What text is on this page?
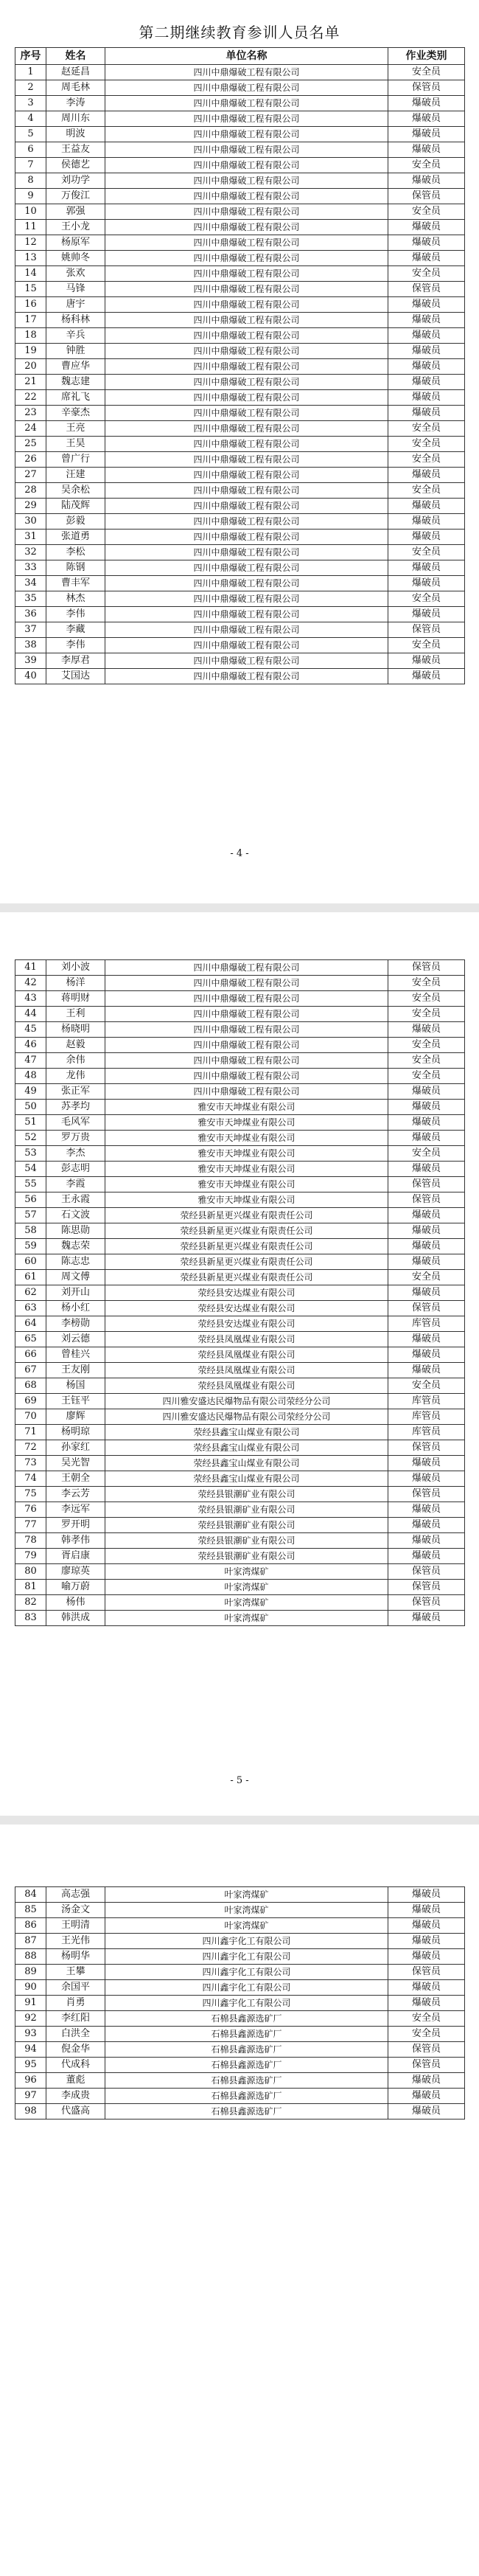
第二期继续教育参训人员名单
序号	姓名	单位名称	作业类别
1	赵延昌	四川中鼎爆破工程有限公司	安全员
2	周毛林	四川中鼎爆破工程有限公司	保管员
3	李涛	四川中鼎爆破工程有限公司	爆破员
4	周川东	四川中鼎爆破工程有限公司	爆破员
5	明波	四川中鼎爆破工程有限公司	爆破员
6	王益友	四川中鼎爆破工程有限公司	爆破员
7	侯德艺	四川中鼎爆破工程有限公司	安全员
8	刘功学	四川中鼎爆破工程有限公司	爆破员
9	万俊江	四川中鼎爆破工程有限公司	保管员
10	郭强	四川中鼎爆破工程有限公司	安全员
11	王小龙	四川中鼎爆破工程有限公司	爆破员
12	杨原军	四川中鼎爆破工程有限公司	爆破员
13	姚帅冬	四川中鼎爆破工程有限公司	爆破员
14	张欢	四川中鼎爆破工程有限公司	安全员
15	马锋	四川中鼎爆破工程有限公司	保管员
16	唐宇	四川中鼎爆破工程有限公司	爆破员
17	杨科林	四川中鼎爆破工程有限公司	爆破员
18	辛兵	四川中鼎爆破工程有限公司	爆破员
19	钟胜	四川中鼎爆破工程有限公司	爆破员
20	曹应华	四川中鼎爆破工程有限公司	爆破员
21	魏志建	四川中鼎爆破工程有限公司	爆破员
22	席礼飞	四川中鼎爆破工程有限公司	爆破员
23	辛豪杰	四川中鼎爆破工程有限公司	爆破员
24	王亮	四川中鼎爆破工程有限公司	安全员
25	王昊	四川中鼎爆破工程有限公司	安全员
26	曾广行	四川中鼎爆破工程有限公司	安全员
27	汪建	四川中鼎爆破工程有限公司	爆破员
28	吴余松	四川中鼎爆破工程有限公司	安全员
29	陆茂辉	四川中鼎爆破工程有限公司	爆破员
30	彭毅	四川中鼎爆破工程有限公司	爆破员
31	张道勇	四川中鼎爆破工程有限公司	爆破员
32	李松	四川中鼎爆破工程有限公司	安全员
33	陈钢	四川中鼎爆破工程有限公司	爆破员
34	曹丰军	四川中鼎爆破工程有限公司	爆破员
35	林杰	四川中鼎爆破工程有限公司	安全员
36	李伟	四川中鼎爆破工程有限公司	爆破员
37	李藏	四川中鼎爆破工程有限公司	保管员
38	李伟	四川中鼎爆破工程有限公司	安全员
39	李厚君	四川中鼎爆破工程有限公司	爆破员
40	艾国达	四川中鼎爆破工程有限公司	爆破员
- 4 -
41	刘小波	四川中鼎爆破工程有限公司	保管员
42	杨洋	四川中鼎爆破工程有限公司	安全员
43	蒋明财	四川中鼎爆破工程有限公司	安全员
44	王利	四川中鼎爆破工程有限公司	安全员
45	杨晓明	四川中鼎爆破工程有限公司	爆破员
46	赵毅	四川中鼎爆破工程有限公司	安全员
47	余伟	四川中鼎爆破工程有限公司	安全员
48	龙伟	四川中鼎爆破工程有限公司	安全员
49	张正军	四川中鼎爆破工程有限公司	爆破员
50	苏孝均	雅安市天坤煤业有限公司	爆破员
51	毛风军	雅安市天坤煤业有限公司	爆破员
52	罗万贵	雅安市天坤煤业有限公司	爆破员
53	李杰	雅安市天坤煤业有限公司	安全员
54	彭志明	雅安市天坤煤业有限公司	爆破员
55	李霞	雅安市天坤煤业有限公司	保管员
56	王永霞	雅安市天坤煤业有限公司	保管员
57	石文波	荥经县新星更兴煤业有限责任公司	爆破员
58	陈思勋	荥经县新星更兴煤业有限责任公司	爆破员
59	魏志荣	荥经县新星更兴煤业有限责任公司	爆破员
60	陈志忠	荥经县新星更兴煤业有限责任公司	爆破员
61	周文傅	荥经县新星更兴煤业有限责任公司	安全员
62	刘开山	荥经县安达煤业有限公司	爆破员
63	杨小红	荥经县安达煤业有限公司	保管员
64	李榜勋	荥经县安达煤业有限公司	库管员
65	刘云德	荥经县凤凰煤业有限公司	爆破员
66	曾桂兴	荥经县凤凰煤业有限公司	爆破员
67	王友刚	荥经县凤凰煤业有限公司	爆破员
68	杨国	荥经县凤凰煤业有限公司	安全员
69	王钰平	四川雅安盛达民爆物品有限公司荥经分公司	库管员
70	廖辉	四川雅安盛达民爆物品有限公司荥经分公司	库管员
71	杨明琼	荥经县鑫宝山煤业有限公司	库管员
72	孙家红	荥经县鑫宝山煤业有限公司	保管员
73	吴光智	荥经县鑫宝山煤业有限公司	爆破员
74	王朝全	荥经县鑫宝山煤业有限公司	爆破员
75	李云芳	荥经县银潮矿业有限公司	保管员
76	李远军	荥经县银潮矿业有限公司	爆破员
77	罗开明	荥经县银潮矿业有限公司	爆破员
78	韩孝伟	荥经县银潮矿业有限公司	爆破员
79	胥启康	荥经县银潮矿业有限公司	爆破员
80	廖琼英	叶家湾煤矿	保管员
81	喻万蔚	叶家湾煤矿	保管员
82	杨伟	叶家湾煤矿	保管员
83	韩洪成	叶家湾煤矿	爆破员
- 5 -
84	高志强	叶家湾煤矿	爆破员
85	汤金文	叶家湾煤矿	爆破员
86	王明清	叶家湾煤矿	爆破员
87	王光伟	四川鑫宇化工有限公司	爆破员
88	杨明华	四川鑫宇化工有限公司	爆破员
89	王攀	四川鑫宇化工有限公司	保管员
90	余国平	四川鑫宇化工有限公司	爆破员
91	肖勇	四川鑫宇化工有限公司	爆破员
92	李红阳	石棉县鑫源选矿厂	安全员
93	白洪全	石棉县鑫源选矿厂	安全员
94	倪金华	石棉县鑫源选矿厂	保管员
95	代成科	石棉县鑫源选矿厂	保管员
96	董彪	石棉县鑫源选矿厂	爆破员
97	李成贵	石棉县鑫源选矿厂	爆破员
98	代盛高	石棉县鑫源选矿厂	爆破员
